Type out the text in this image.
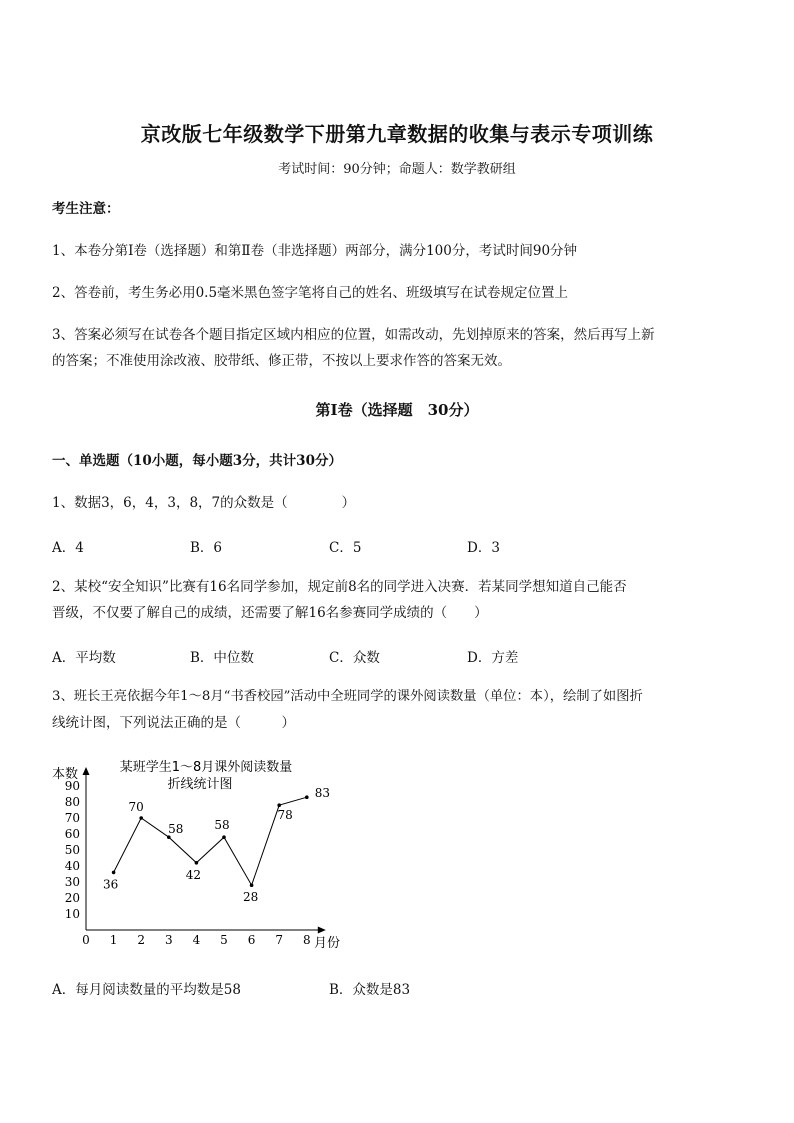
京改版七年级数学下册第九章数据的收集与表示专项训练
考试时间：90分钟；命题人：数学教研组
考生注意：
1、本卷分第Ⅰ卷（选择题）和第Ⅱ卷（非选择题）两部分，满分100分，考试时间90分钟
2、答卷前，考生务必用0.5毫米黑色签字笔将自己的姓名、班级填写在试卷规定位置上
3、答案必须写在试卷各个题目指定区域内相应的位置，如需改动，先划掉原来的答案，然后再写上新
的答案；不准使用涂改液、胶带纸、修正带，不按以上要求作答的答案无效。
第Ⅰ卷（选择题　30分）
一、单选题（10小题，每小题3分，共计30分）
1、数据3，6，4，3，8，7的众数是（　　　　）
A．4	B．6	C．5	D．3
2、某校“安全知识”比赛有16名同学参加，规定前8名的同学进入决赛．若某同学想知道自己能否
晋级，不仅要了解自己的成绩，还需要了解16名参赛同学成绩的（　　）
A．平均数	B．中位数	C．众数	D．方差
3、班长王亮依据今年1～8月“书香校园”活动中全班同学的课外阅读数量（单位：本），绘制了如图折
线统计图，下列说法正确的是（　　　）
某班学生1～8月课外阅读数量
折线统计图
本数
月份
0 1 2 3 4 5 6 7 8
10
20
30
40
50
60
70
80
90
36
70
58
42
58
28
78
83
A．每月阅读数量的平均数是58	B．众数是83
